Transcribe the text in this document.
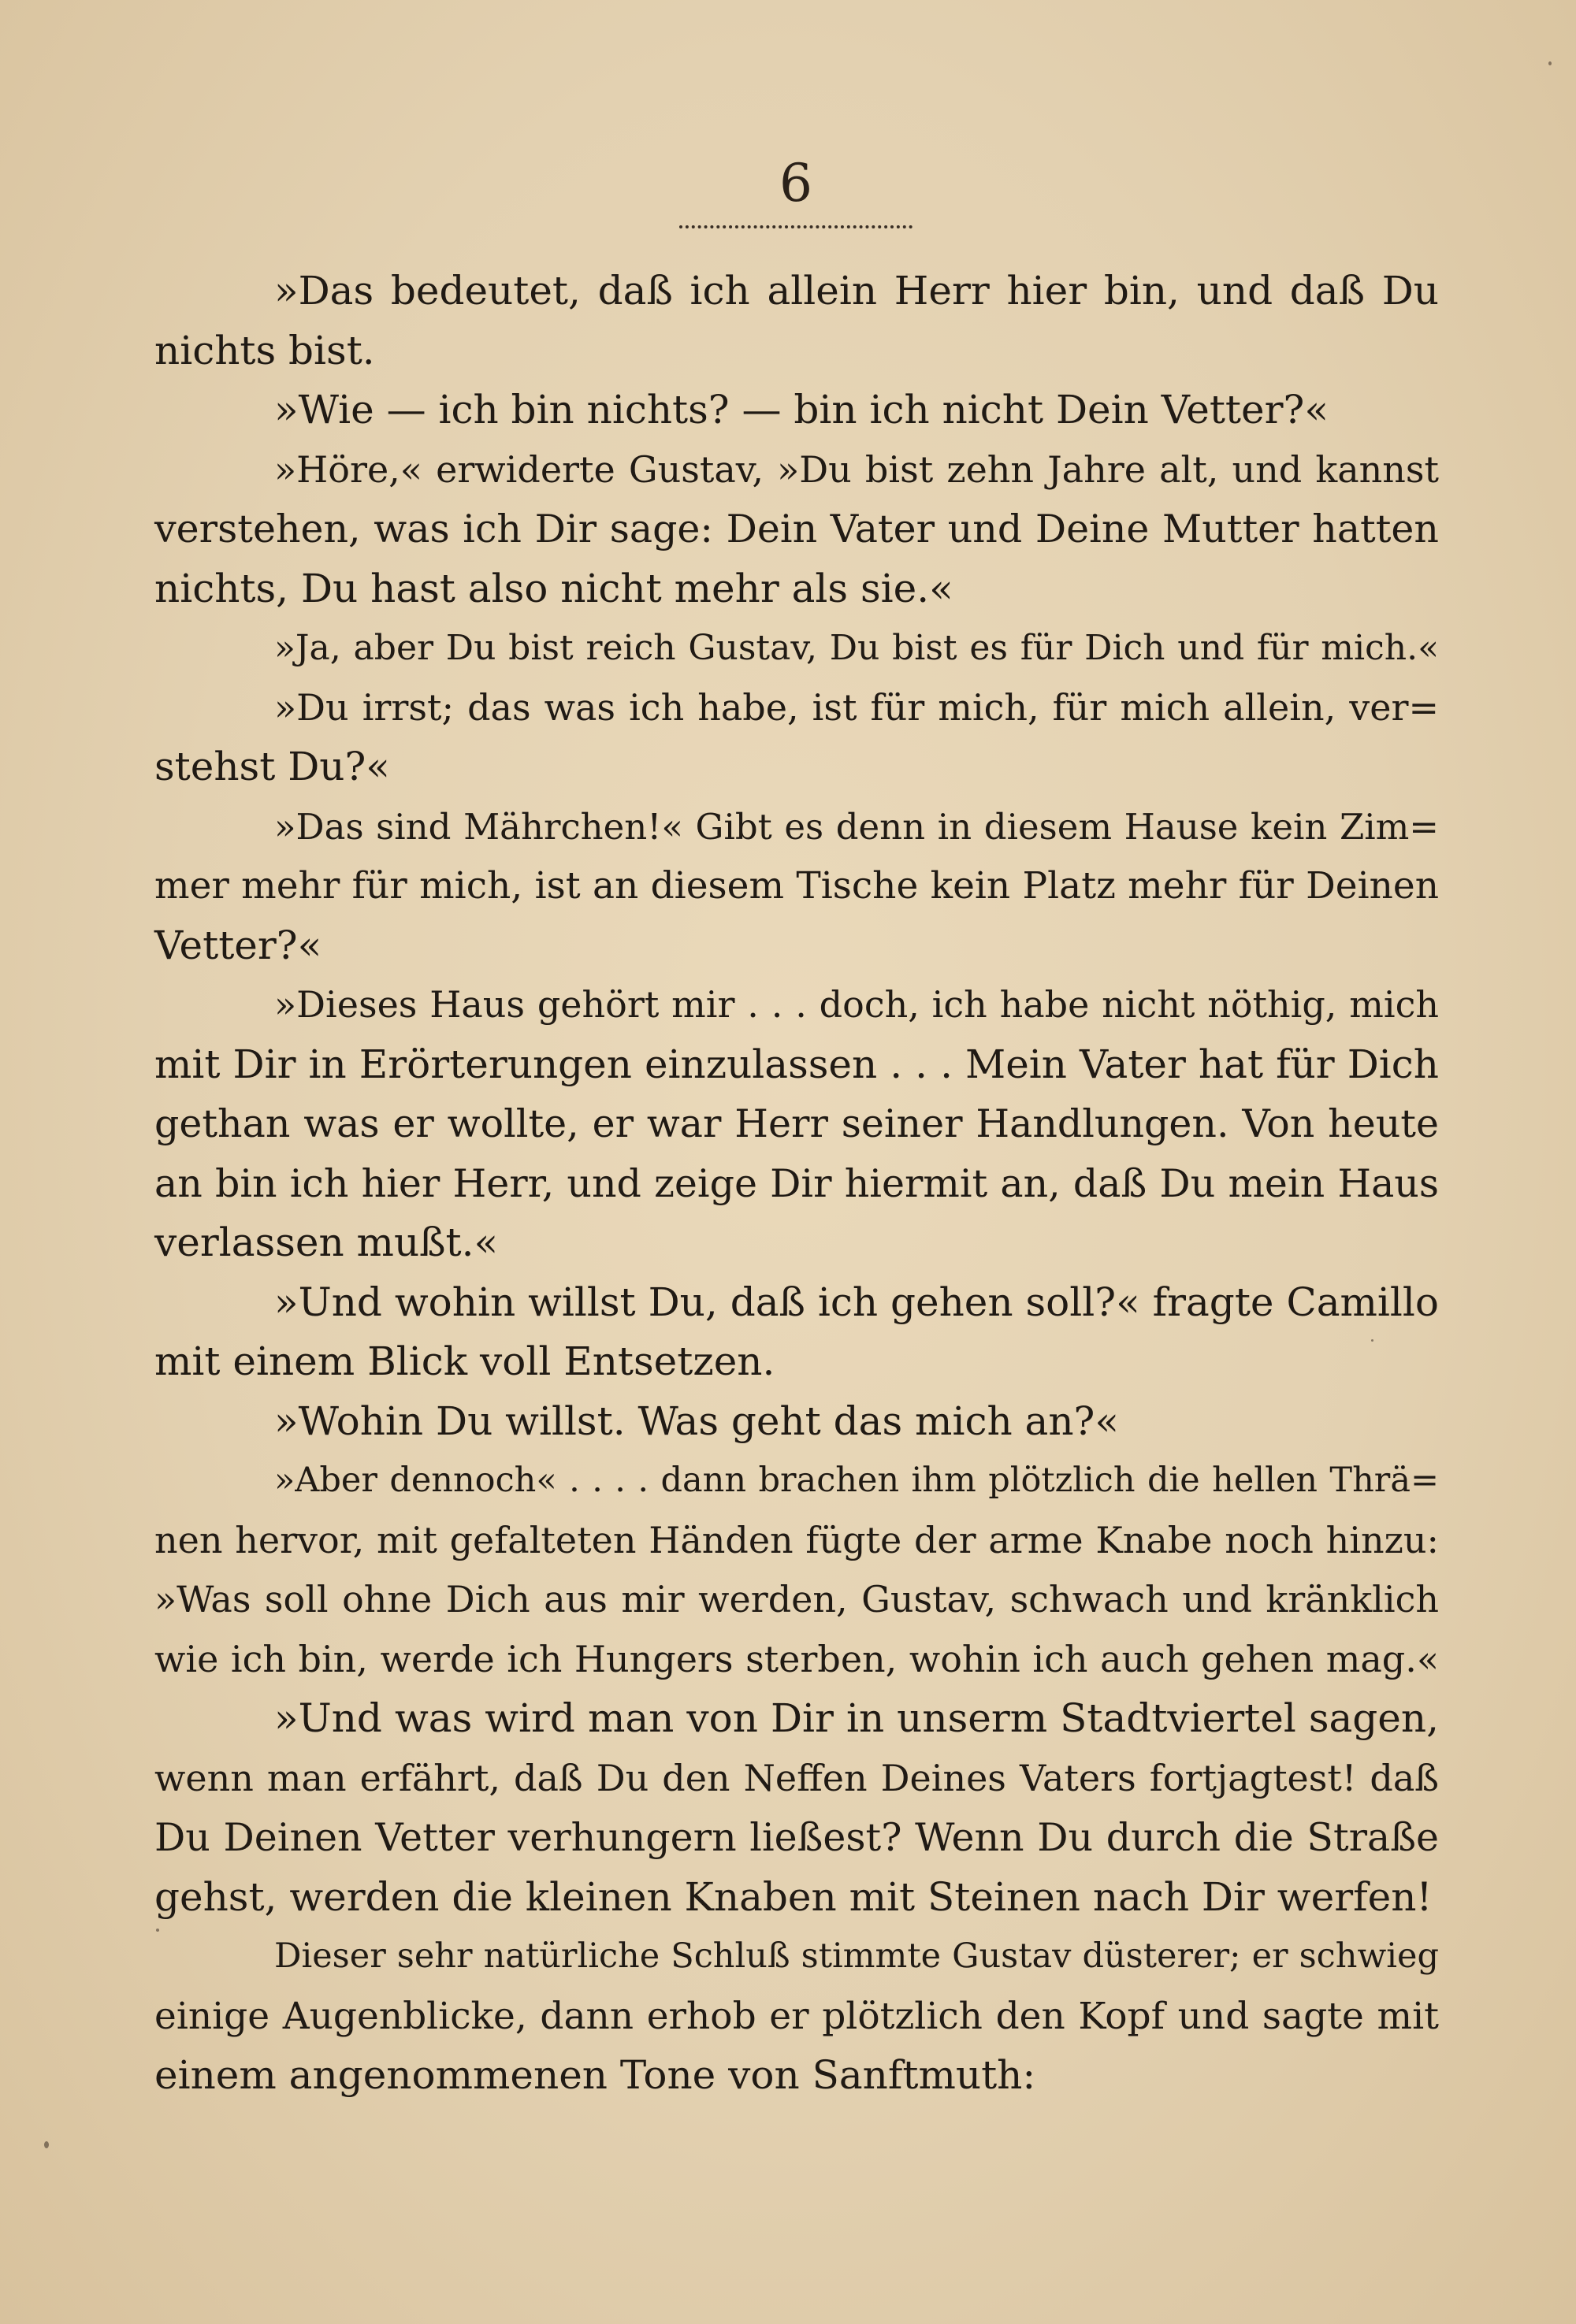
6
»Das bedeutet, daß ich allein Herr hier bin, und daß Du
nichts bist.
»Wie — ich bin nichts? — bin ich nicht Dein Vetter?«
»Höre,« erwiderte Gustav, »Du bist zehn Jahre alt, und kannst
verstehen, was ich Dir sage: Dein Vater und Deine Mutter hatten
nichts, Du hast also nicht mehr als sie.«
»Ja, aber Du bist reich Gustav, Du bist es für Dich und für mich.«
»Du irrst; das was ich habe, ist für mich, für mich allein, ver=
stehst Du?«
»Das sind Mährchen!« Gibt es denn in diesem Hause kein Zim=
mer mehr für mich, ist an diesem Tische kein Platz mehr für Deinen
Vetter?«
»Dieses Haus gehört mir . . . doch, ich habe nicht nöthig, mich
mit Dir in Erörterungen einzulassen . . . Mein Vater hat für Dich
gethan was er wollte, er war Herr seiner Handlungen. Von heute
an bin ich hier Herr, und zeige Dir hiermit an, daß Du mein Haus
verlassen mußt.«
»Und wohin willst Du, daß ich gehen soll?« fragte Camillo
mit einem Blick voll Entsetzen.
»Wohin Du willst. Was geht das mich an?«
»Aber dennoch« . . . . dann brachen ihm plötzlich die hellen Thrä=
nen hervor, mit gefalteten Händen fügte der arme Knabe noch hinzu:
»Was soll ohne Dich aus mir werden, Gustav, schwach und kränklich
wie ich bin, werde ich Hungers sterben, wohin ich auch gehen mag.«
»Und was wird man von Dir in unserm Stadtviertel sagen,
wenn man erfährt, daß Du den Neffen Deines Vaters fortjagtest! daß
Du Deinen Vetter verhungern ließest? Wenn Du durch die Straße
gehst, werden die kleinen Knaben mit Steinen nach Dir werfen!
Dieser sehr natürliche Schluß stimmte Gustav düsterer; er schwieg
einige Augenblicke, dann erhob er plötzlich den Kopf und sagte mit
einem angenommenen Tone von Sanftmuth:
